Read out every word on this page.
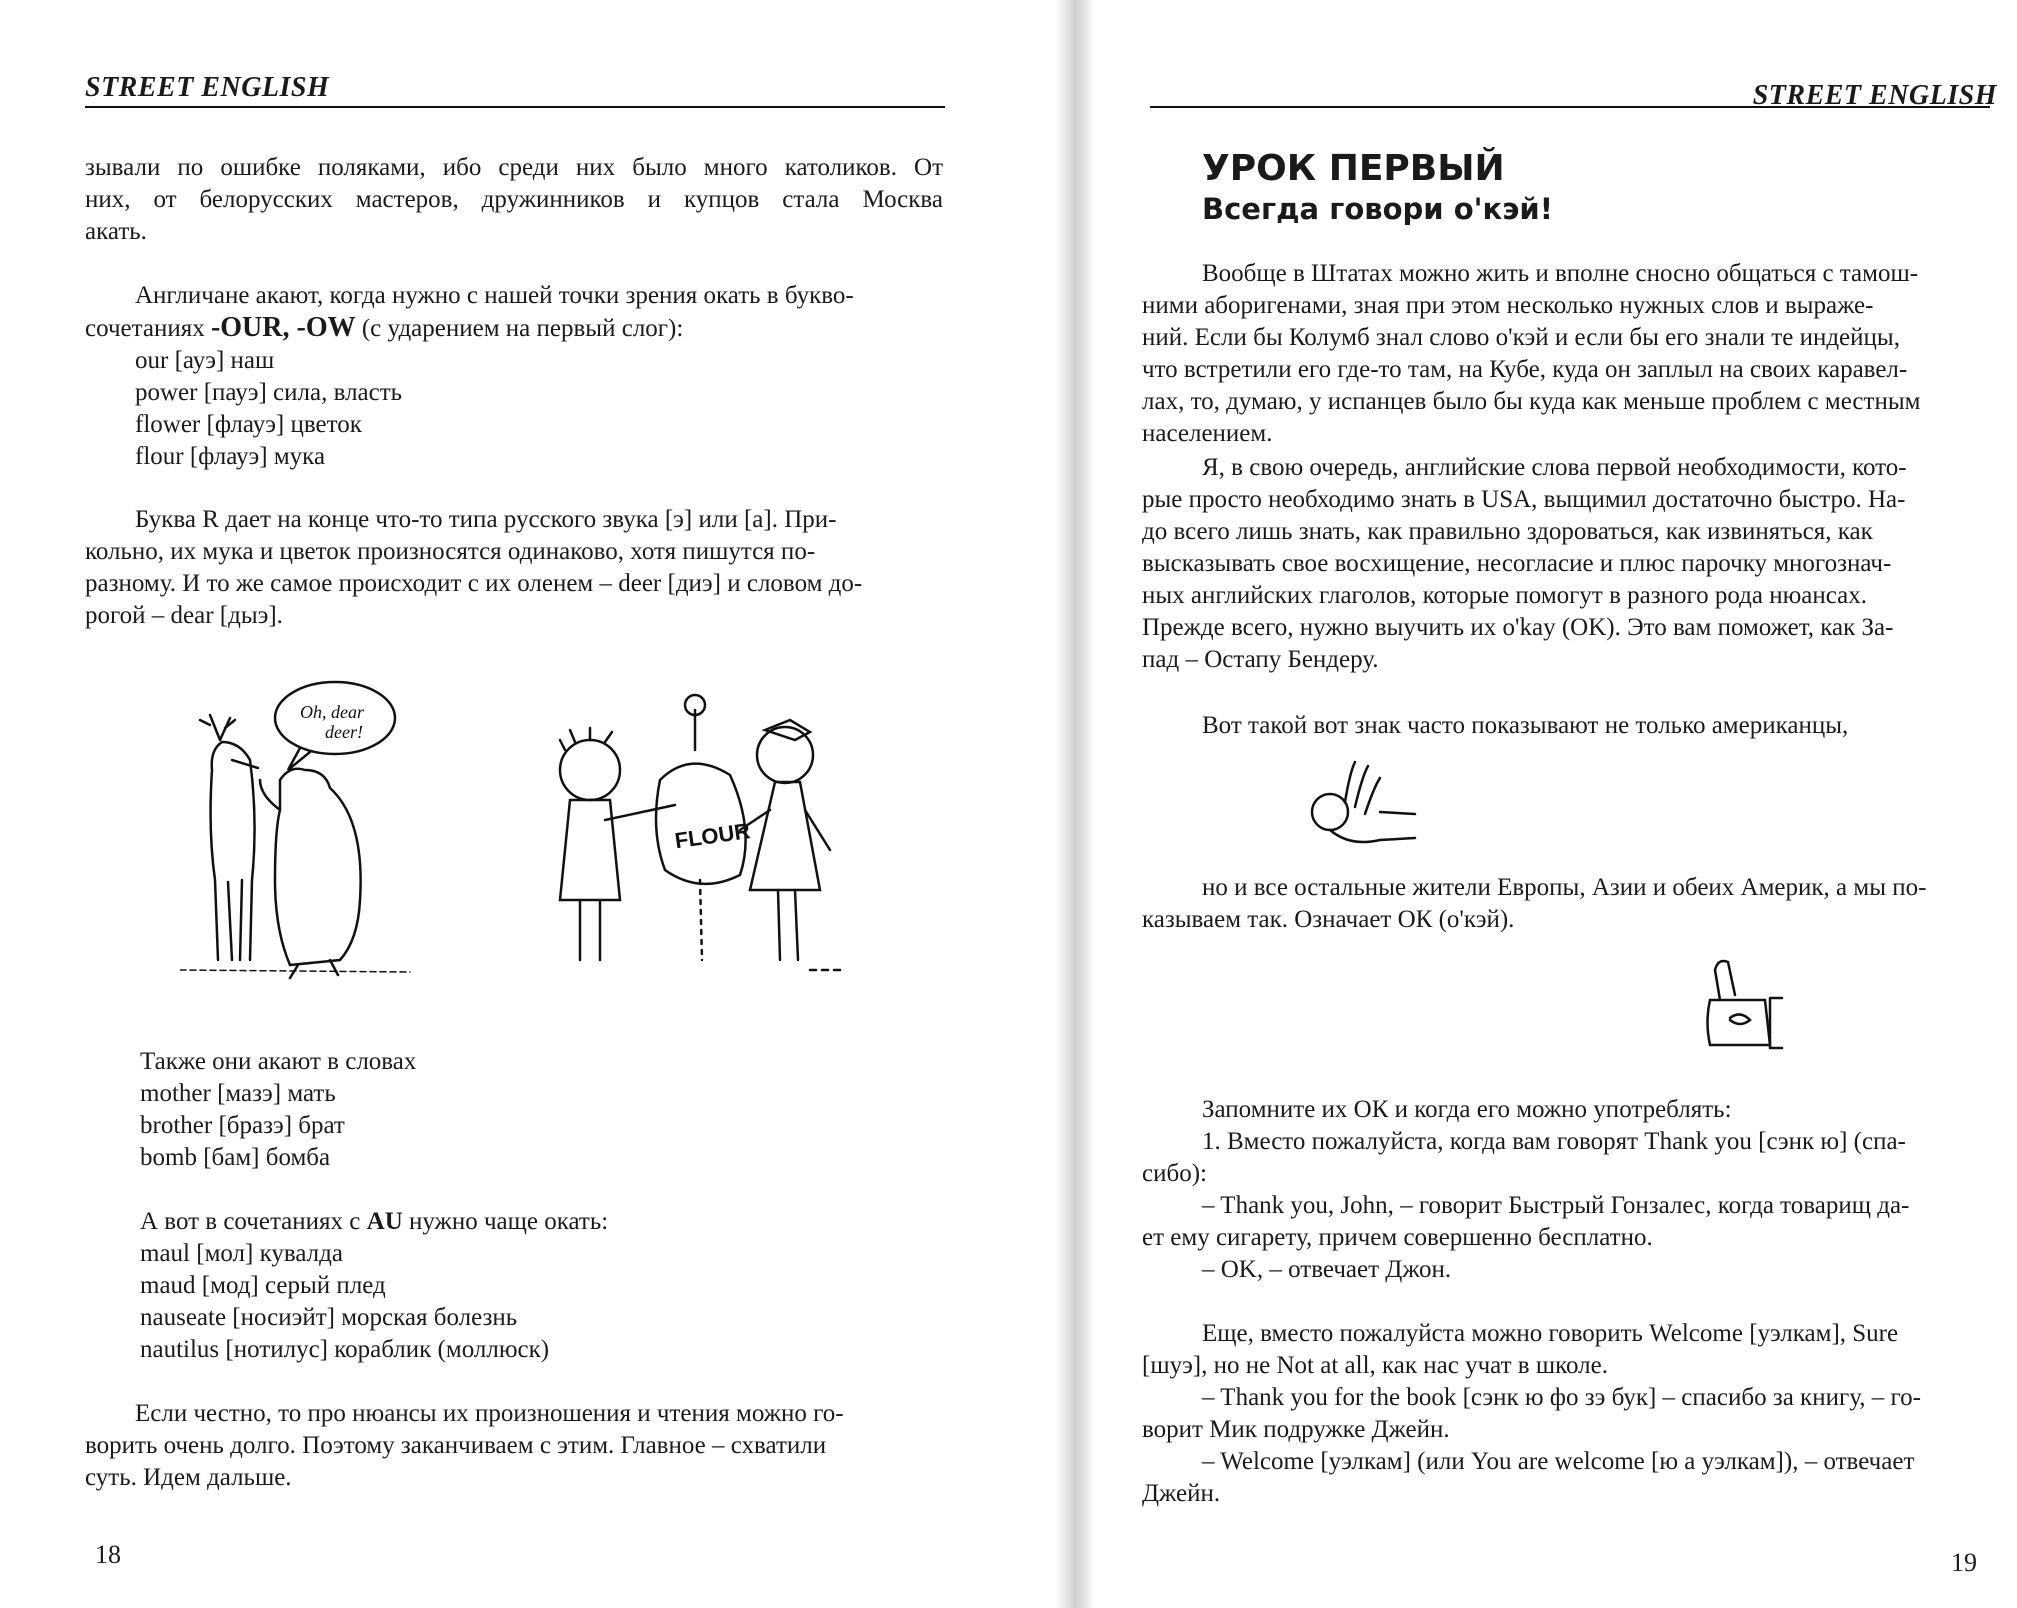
STREET ENGLISH
зывали по ошибке поляками, ибо среди них было много католиков. От
них, от белорусских мастеров, дружинников и купцов стала Москва
акать.
Англичане акают, когда нужно с нашей точки зрения окать в букво-
сочетаниях -OUR, -OW (с ударением на первый слог):
our [ауэ] наш
power [пауэ] сила, власть
flower [флауэ] цветок
flour [флауэ] мука
Буква R дает на конце что-то типа русского звука [э] или [а]. При-
кольно, их мука и цветок произносятся одинаково, хотя пишутся по-
разному. И то же самое происходит с их оленем – deer [диэ] и словом до-
рогой – dear [дыэ].
Oh, dear
deer!
FLOUR
Также они акают в словах
mother [мазэ] мать
brother [бразэ] брат
bomb [бам] бомба
А вот в сочетаниях с AU нужно чаще окать:
maul [мол] кувалда
maud [мод] серый плед
nauseate [носиэйт] морская болезнь
nautilus [нотилус] кораблик (моллюск)
Если честно, то про нюансы их произношения и чтения можно го-
ворить очень долго. Поэтому заканчиваем с этим. Главное – схватили
суть. Идем дальше.
18
STREET ENGLISH
УРОК ПЕРВЫЙ
Всегда говори о'кэй!
Вообще в Штатах можно жить и вполне сносно общаться с тамош-
ними аборигенами, зная при этом несколько нужных слов и выраже-
ний. Если бы Колумб знал слово о'кэй и если бы его знали те индейцы,
что встретили его где-то там, на Кубе, куда он заплыл на своих каравел-
лах, то, думаю, у испанцев было бы куда как меньше проблем с местным
населением.
Я, в свою очередь, английские слова первой необходимости, кото-
рые просто необходимо знать в USA, выщимил достаточно быстро. На-
до всего лишь знать, как правильно здороваться, как извиняться, как
высказывать свое восхищение, несогласие и плюс парочку многознач-
ных английских глаголов, которые помогут в разного рода нюансах.
Прежде всего, нужно выучить их o'kay (OK). Это вам поможет, как За-
пад – Остапу Бендеру.
Вот такой вот знак часто показывают не только американцы,
но и все остальные жители Европы, Азии и обеих Америк, а мы по-
казываем так. Означает ОК (о'кэй).
Запомните их ОК и когда его можно употреблять:
1. Вместо пожалуйста, когда вам говорят Thank you [сэнк ю] (спа-
сибо):
– Thank you, John, – говорит Быстрый Гонзалес, когда товарищ да-
ет ему сигарету, причем совершенно бесплатно.
– OK, – отвечает Джон.
Еще, вместо пожалуйста можно говорить Welcome [уэлкам], Sure
[шуэ], но не Not at all, как нас учат в школе.
– Thank you for the book [сэнк ю фо зэ бук] – спасибо за книгу, – го-
ворит Мик подружке Джейн.
– Welcome [уэлкам] (или You are welcome [ю а уэлкам]), – отвечает
Джейн.
19
